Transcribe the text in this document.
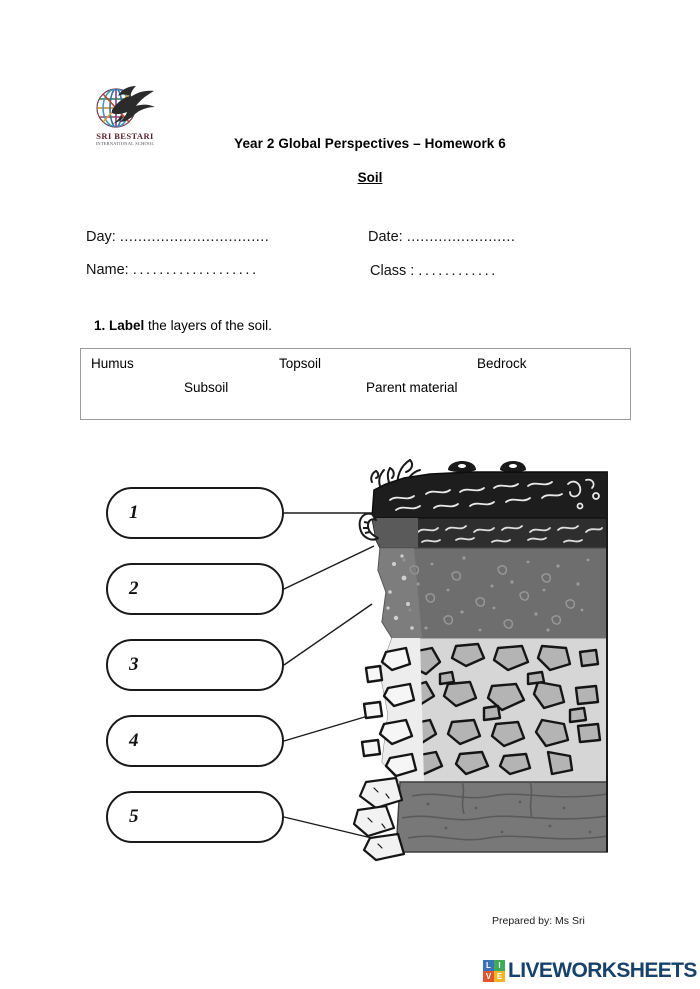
SRI BESTARI
INTERNATIONAL SCHOOL	Year 2 Global Perspectives – Homework 6
Soil
Day: .................................	Date: ........................
Name: ...................	Class : ............
1. Label the layers of the soil.
Humus	Topsoil	Bedrock
Subsoil	Parent material
1
2
3
4
5
Prepared by: Ms Sri
L I
V E LIVEWORKSHEETS
